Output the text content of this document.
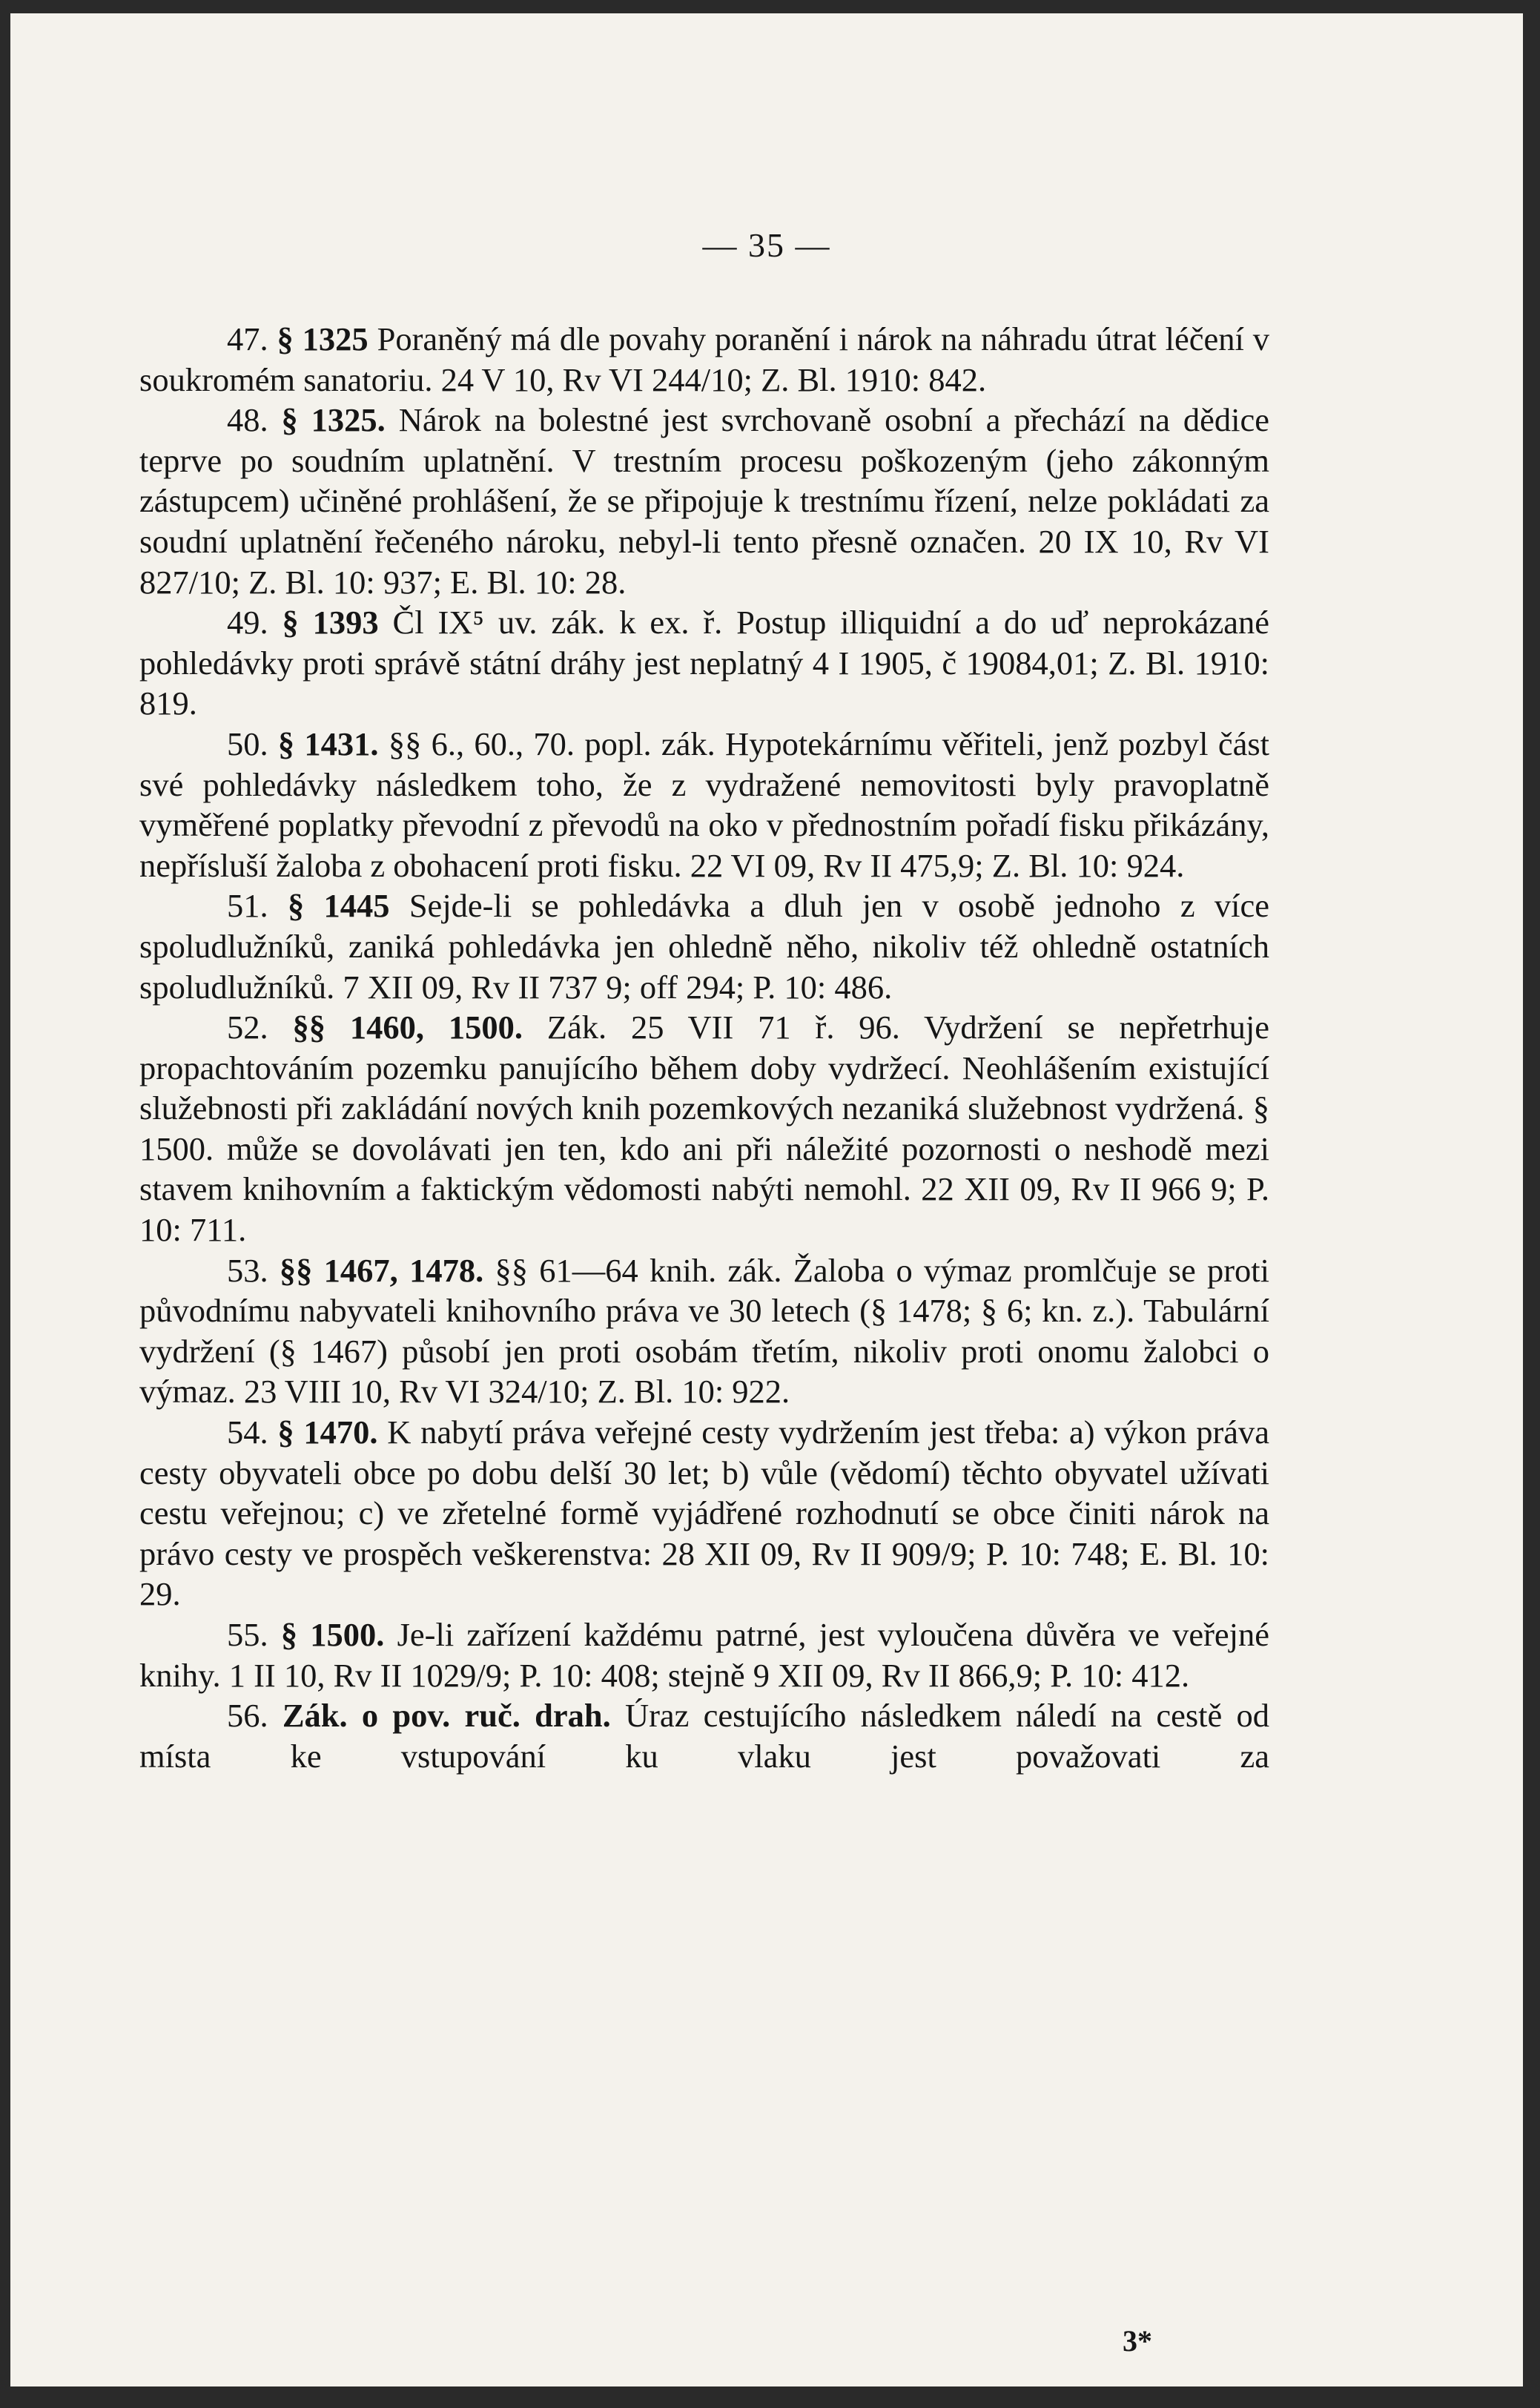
— 35 —

47. § 1325 Poraněný má dle povahy poranění i nárok na náhradu útrat léčení v soukromém sanatoriu. 24 V 10, Rv VI 244/10; Z. Bl. 1910: 842.

48. § 1325. Nárok na bolestné jest svrchovaně osobní a přechází na dědice teprve po soudním uplatnění. V trestním procesu poškozeným (jeho zákonným zástupcem) učiněné prohlášení, že se připojuje k trestnímu řízení, nelze pokládati za soudní uplatnění řečeného nároku, nebyl-li tento přesně označen. 20 IX 10, Rv VI 827/10; Z. Bl. 10: 937; E. Bl. 10: 28.

49. § 1393 Čl IX⁵ uv. zák. k ex. ř. Postup illiquidní a do uď neprokázané pohledávky proti správě státní dráhy jest neplatný 4 I 1905, č 19084,01; Z. Bl. 1910: 819.

50. § 1431. §§ 6., 60., 70. popl. zák. Hypotekárnímu věřiteli, jenž pozbyl část své pohledávky následkem toho, že z vydražené nemovitosti byly pravoplatně vyměřené poplatky převodní z převodů na oko v přednostním pořadí fisku přikázány, nepřísluší žaloba z obohacení proti fisku. 22 VI 09, Rv II 475,9; Z. Bl. 10: 924.

51. § 1445 Sejde-li se pohledávka a dluh jen v osobě jednoho z více spoludlužníků, zaniká pohledávka jen ohledně něho, nikoliv též ohledně ostatních spoludlužníků. 7 XII 09, Rv II 737 9; off 294; P. 10: 486.

52. §§ 1460, 1500. Zák. 25 VII 71 ř. 96. Vydržení se nepřetrhuje propachtováním pozemku panujícího během doby vydržecí. Neohlášením existující služebnosti při zakládání nových knih pozemkových nezaniká služebnost vydržená. § 1500. může se dovolávati jen ten, kdo ani při náležité pozornosti o neshodě mezi stavem knihovním a faktickým vědomosti nabýti nemohl. 22 XII 09, Rv II 966 9; P. 10: 711.

53. §§ 1467, 1478. §§ 61—64 knih. zák. Žaloba o výmaz promlčuje se proti původnímu nabyvateli knihovního práva ve 30 letech (§ 1478; § 6; kn. z.). Tabulární vydržení (§ 1467) působí jen proti osobám třetím, nikoliv proti onomu žalobci o výmaz. 23 VIII 10, Rv VI 324/10; Z. Bl. 10: 922.

54. § 1470. K nabytí práva veřejné cesty vydržením jest třeba: a) výkon práva cesty obyvateli obce po dobu delší 30 let; b) vůle (vědomí) těchto obyvatel užívati cestu veřejnou; c) ve zřetelné formě vyjádřené rozhodnutí se obce činiti nárok na právo cesty ve prospěch veškerenstva: 28 XII 09, Rv II 909/9; P. 10: 748; E. Bl. 10: 29.

55. § 1500. Je-li zařízení každému patrné, jest vyloučena důvěra ve veřejné knihy. 1 II 10, Rv II 1029/9; P. 10: 408; stejně 9 XII 09, Rv II 866,9; P. 10: 412.

56. Zák. o pov. ruč. drah. Úraz cestujícího následkem náledí na cestě od místa ke vstupování ku vlaku jest považovati za

3*
